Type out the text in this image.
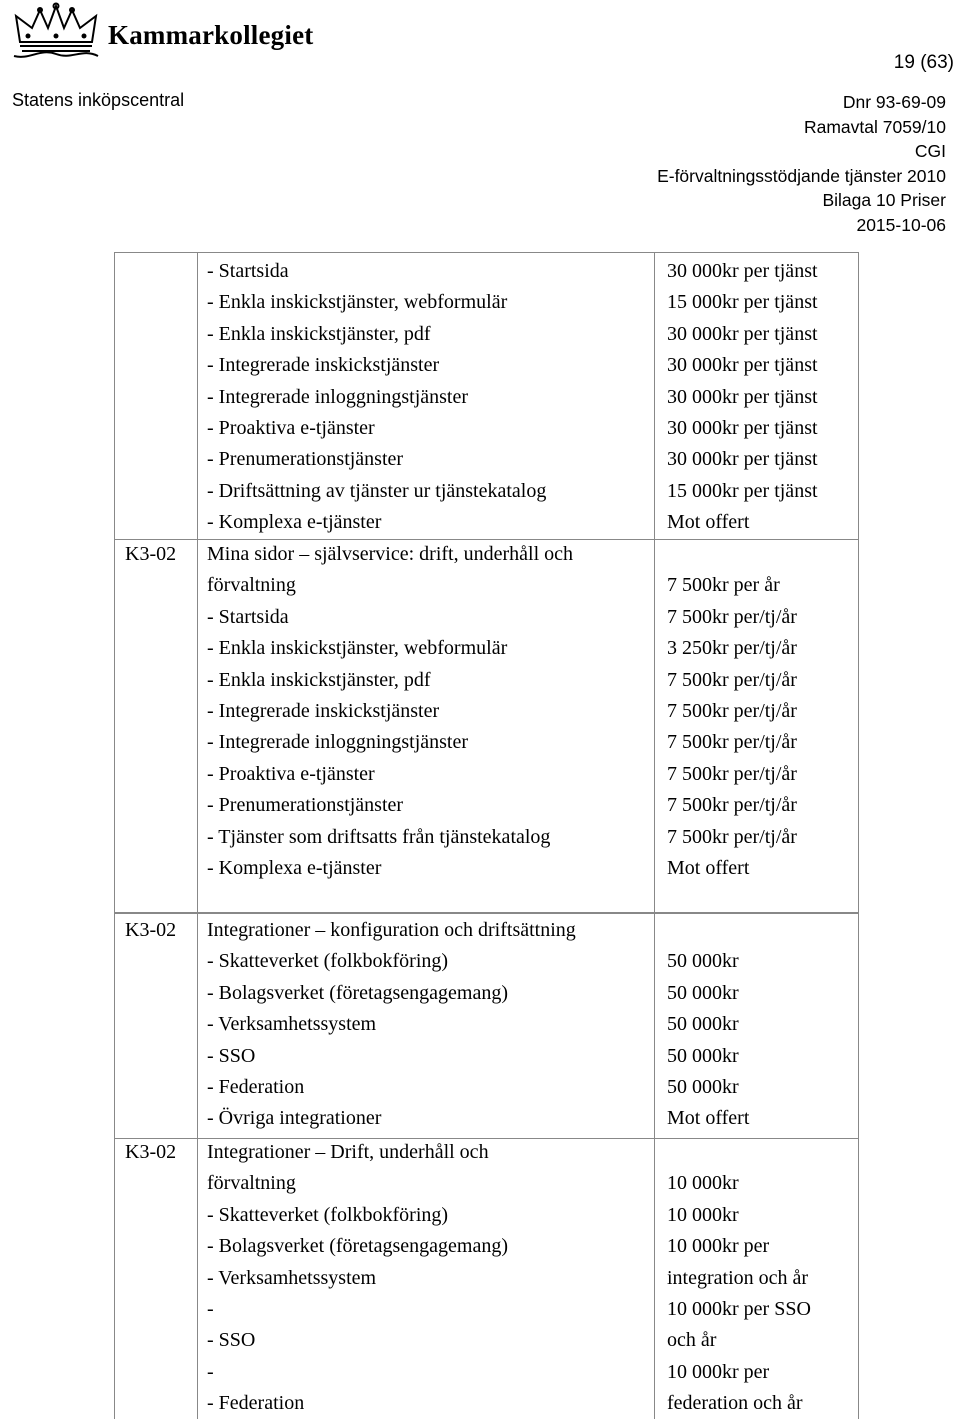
Kammarkollegiet
19 (63)
Statens inköpscentral	Dnr 93-69-09
Ramavtal 7059/10
CGI
E-förvaltningsstödjande tjänster 2010
Bilaga 10 Priser
2015-10-06
- Startsida
- Enkla inskickstjänster, webformulär
- Enkla inskickstjänster, pdf
- Integrerade inskickstjänster
- Integrerade inloggningstjänster
- Proaktiva e-tjänster
- Prenumerationstjänster
- Driftsättning av tjänster ur tjänstekatalog
- Komplexa e-tjänster
30 000kr per tjänst
15 000kr per tjänst
30 000kr per tjänst
30 000kr per tjänst
30 000kr per tjänst
30 000kr per tjänst
30 000kr per tjänst
15 000kr per tjänst
Mot offert
K3-02 Mina sidor – självservice: drift, underhåll och
förvaltning
- Startsida
- Enkla inskickstjänster, webformulär
- Enkla inskickstjänster, pdf
- Integrerade inskickstjänster
- Integrerade inloggningstjänster
- Proaktiva e-tjänster
- Prenumerationstjänster
- Tjänster som driftsatts från tjänstekatalog
- Komplexa e-tjänster
7 500kr per år
7 500kr per/tj/år
3 250kr per/tj/år
7 500kr per/tj/år
7 500kr per/tj/år
7 500kr per/tj/år
7 500kr per/tj/år
7 500kr per/tj/år
7 500kr per/tj/år
Mot offert
K3-02 Integrationer – konfiguration och driftsättning
- Skatteverket (folkbokföring)
- Bolagsverket (företagsengagemang)
- Verksamhetssystem
- SSO
- Federation
- Övriga integrationer
50 000kr
50 000kr
50 000kr
50 000kr
50 000kr
Mot offert
K3-02 Integrationer – Drift, underhåll och
förvaltning
- Skatteverket (folkbokföring)
- Bolagsverket (företagsengagemang)
- Verksamhetssystem
-
- SSO
-
- Federation
10 000kr
10 000kr
10 000kr per
integration och år
10 000kr per SSO
och år
10 000kr per
federation och år
